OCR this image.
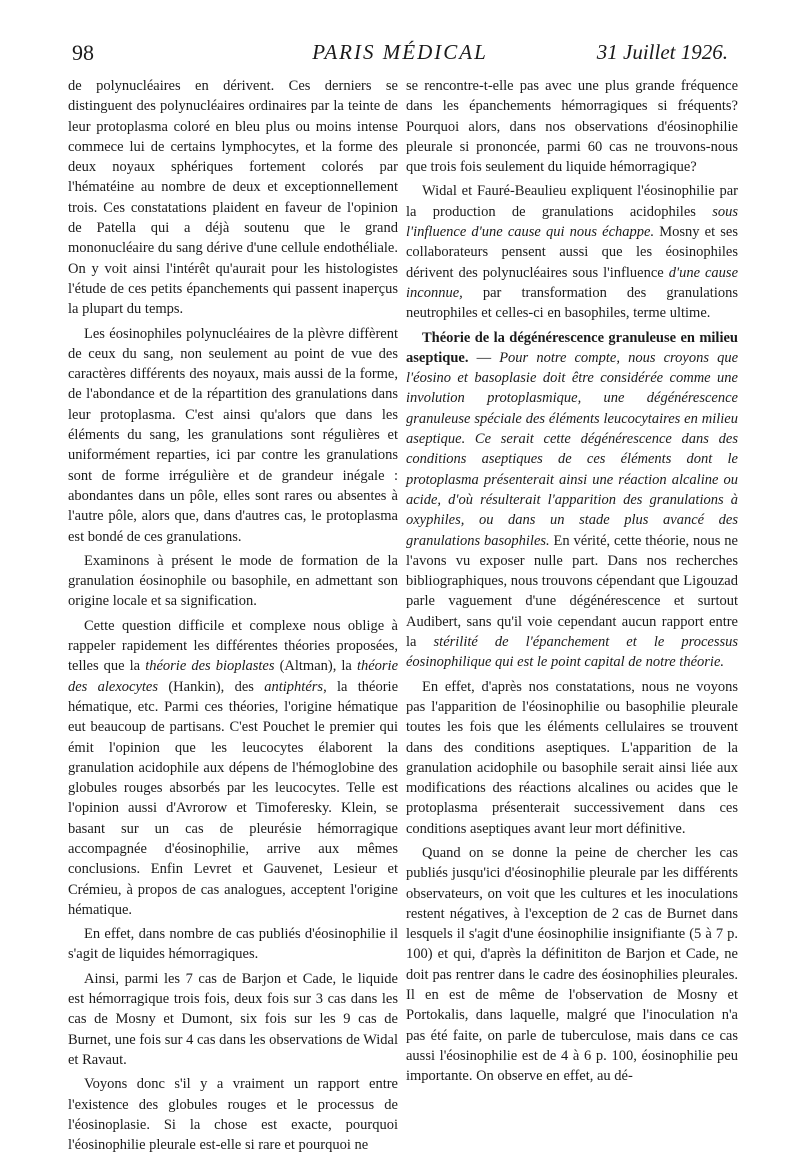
98	PARIS MÉDICAL	31 Juillet 1926.

de polynucléaires en dérivent. Ces derniers se distinguent des polynucléaires ordinaires par la teinte de leur protoplasma coloré en bleu plus ou moins intense commece lui de certains lymphocytes, et la forme des deux noyaux sphériques fortement colorés par l'hématéine au nombre de deux et exceptionnellement trois. Ces constatations plaident en faveur de l'opinion de Patella qui a déjà soutenu que le grand mononucléaire du sang dérive d'une cellule endothéliale. On y voit ainsi l'intérêt qu'aurait pour les histologistes l'étude de ces petits épanchements qui passent inaperçus la plupart du temps.

Les éosinophiles polynucléaires de la plèvre diffèrent de ceux du sang, non seulement au point de vue des caractères différents des noyaux, mais aussi de la forme, de l'abondance et de la répartition des granulations dans leur protoplasma. C'est ainsi qu'alors que dans les éléments du sang, les granulations sont régulières et uniformément reparties, ici par contre les granulations sont de forme irrégulière et de grandeur inégale : abondantes dans un pôle, elles sont rares ou absentes à l'autre pôle, alors que, dans d'autres cas, le protoplasma est bondé de ces granulations.

Examinons à présent le mode de formation de la granulation éosinophile ou basophile, en admettant son origine locale et sa signification.

Cette question difficile et complexe nous oblige à rappeler rapidement les différentes théories proposées, telles que la théorie des bioplastes (Altman), la théorie des alexocytes (Hankin), des antiphtérs, la théorie hématique, etc. Parmi ces théories, l'origine hématique eut beaucoup de partisans. C'est Pouchet le premier qui émit l'opinion que les leucocytes élaborent la granulation acidophile aux dépens de l'hémoglobine des globules rouges absorbés par les leucocytes. Telle est l'opinion aussi d'Avrorow et Timoferesky. Klein, se basant sur un cas de pleurésie hémorragique accompagnée d'éosinophilie, arrive aux mêmes conclusions. Enfin Levret et Gauvenet, Lesieur et Crémieu, à propos de cas analogues, acceptent l'origine hématique.

En effet, dans nombre de cas publiés d'éosinophilie il s'agit de liquides hémorragiques.

Ainsi, parmi les 7 cas de Barjon et Cade, le liquide est hémorragique trois fois, deux fois sur 3 cas dans les cas de Mosny et Dumont, six fois sur les 9 cas de Burnet, une fois sur 4 cas dans les observations de Widal et Ravaut.

Voyons donc s'il y a vraiment un rapport entre l'existence des globules rouges et le processus de l'éosinoplasie. Si la chose est exacte, pourquoi l'éosinophilie pleurale est-elle si rare et pourquoi ne

se rencontre-t-elle pas avec une plus grande fréquence dans les épanchements hémorragiques si fréquents? Pourquoi alors, dans nos observations d'éosinophilie pleurale si prononcée, parmi 60 cas ne trouvons-nous que trois fois seulement du liquide hémorragique?

Widal et Fauré-Beaulieu expliquent l'éosinophilie par la production de granulations acidophiles sous l'influence d'une cause qui nous échappe. Mosny et ses collaborateurs pensent aussi que les éosinophiles dérivent des polynucléaires sous l'influence d'une cause inconnue, par transformation des granulations neutrophiles et celles-ci en basophiles, terme ultime.

Théorie de la dégénérescence granuleuse en milieu aseptique. — Pour notre compte, nous croyons que l'éosino et basoplasie doit être considérée comme une involution protoplasmique, une dégénérescence granuleuse spéciale des éléments leucocytaires en milieu aseptique. Ce serait cette dégénérescence dans des conditions aseptiques de ces éléments dont le protoplasma présenterait ainsi une réaction alcaline ou acide, d'où résulterait l'apparition des granulations à oxyphiles, ou dans un stade plus avancé des granulations basophiles. En vérité, cette théorie, nous ne l'avons vu exposer nulle part. Dans nos recherches bibliographiques, nous trouvons cépendant que Ligouzad parle vaguement d'une dégénérescence et surtout Audibert, sans qu'il voie cependant aucun rapport entre la stérilité de l'épanchement et le processus éosinophilique qui est le point capital de notre théorie.

En effet, d'après nos constatations, nous ne voyons pas l'apparition de l'éosinophilie ou basophilie pleurale toutes les fois que les éléments cellulaires se trouvent dans des conditions aseptiques. L'apparition de la granulation acidophile ou basophile serait ainsi liée aux modifications des réactions alcalines ou acides que le protoplasma présenterait successivement dans ces conditions aseptiques avant leur mort définitive.

Quand on se donne la peine de chercher les cas publiés jusqu'ici d'éosinophilie pleurale par les différents observateurs, on voit que les cultures et les inoculations restent négatives, à l'exception de 2 cas de Burnet dans lesquels il s'agit d'une éosinophilie insignifiante (5 à 7 p. 100) et qui, d'après la définititon de Barjon et Cade, ne doit pas rentrer dans le cadre des éosinophilies pleurales. Il en est de même de l'observation de Mosny et Portokalis, dans laquelle, malgré que l'inoculation n'a pas été faite, on parle de tuberculose, mais dans ce cas aussi l'éosinophilie est de 4 à 6 p. 100, éosinophilie peu importante. On observe en effet, au dé-
